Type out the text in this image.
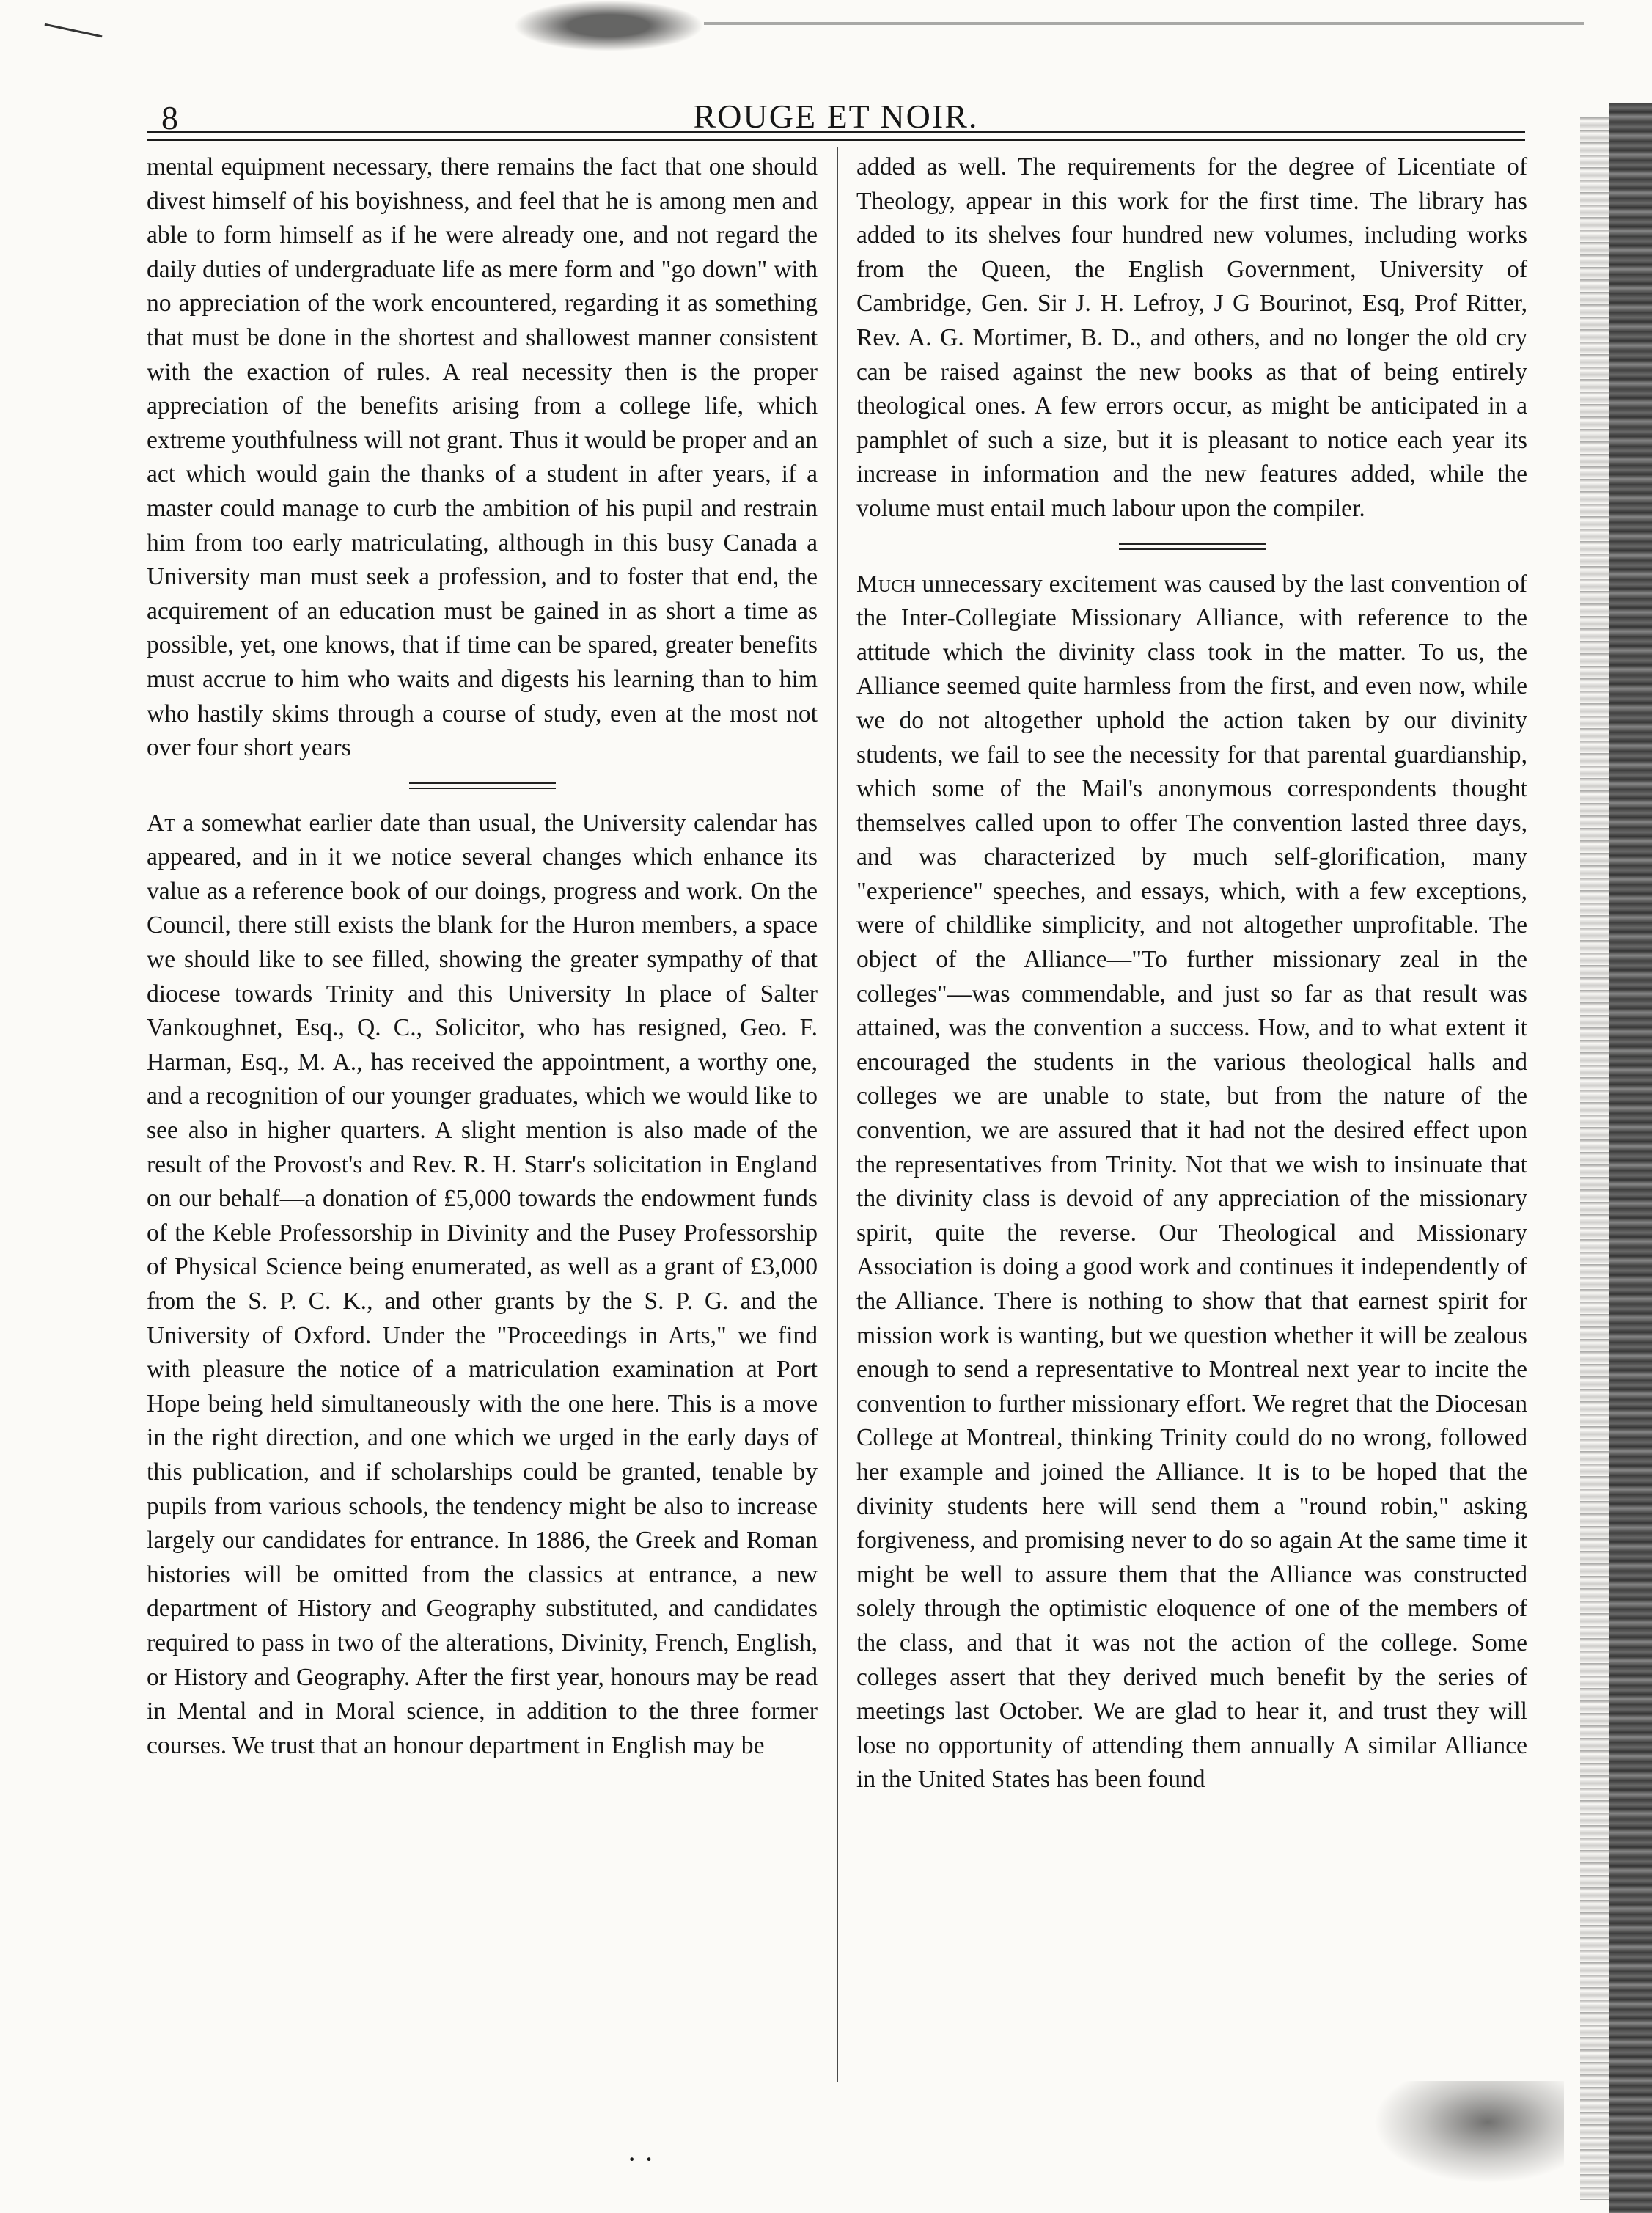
8	ROUGE ET NOIR.

mental equipment necessary, there remains the fact that one should divest himself of his boyishness, and feel that he is among men and able to form himself as if he were already one, and not regard the daily duties of undergraduate life as mere form and "go down" with no appreciation of the work encountered, regarding it as something that must be done in the shortest and shallowest manner consistent with the exaction of rules. A real necessity then is the proper appreciation of the benefits arising from a college life, which extreme youthfulness will not grant. Thus it would be proper and an act which would gain the thanks of a student in after years, if a master could manage to curb the ambition of his pupil and restrain him from too early matriculating, although in this busy Canada a University man must seek a profession, and to foster that end, the acquirement of an education must be gained in as short a time as possible, yet, one knows, that if time can be spared, greater benefits must accrue to him who waits and digests his learning than to him who hastily skims through a course of study, even at the most not over four short years

At a somewhat earlier date than usual, the University calendar has appeared, and in it we notice several changes which enhance its value as a reference book of our doings, progress and work. On the Council, there still exists the blank for the Huron members, a space we should like to see filled, showing the greater sympathy of that diocese towards Trinity and this University In place of Salter Vankoughnet, Esq., Q. C., Solicitor, who has resigned, Geo. F. Harman, Esq., M. A., has received the appointment, a worthy one, and a recognition of our younger graduates, which we would like to see also in higher quarters. A slight mention is also made of the result of the Provost's and Rev. R. H. Starr's solicitation in England on our behalf—a donation of £5,000 towards the endowment funds of the Keble Professorship in Divinity and the Pusey Professorship of Physical Science being enumerated, as well as a grant of £3,000 from the S. P. C. K., and other grants by the S. P. G. and the University of Oxford. Under the "Proceedings in Arts," we find with pleasure the notice of a matriculation examination at Port Hope being held simultaneously with the one here. This is a move in the right direction, and one which we urged in the early days of this publication, and if scholarships could be granted, tenable by pupils from various schools, the tendency might be also to increase largely our candidates for entrance. In 1886, the Greek and Roman histories will be omitted from the classics at entrance, a new department of History and Geography substituted, and candidates required to pass in two of the alterations, Divinity, French, English, or History and Geography. After the first year, honours may be read in Mental and in Moral science, in addition to the three former courses. We trust that an honour department in English may be

added as well. The requirements for the degree of Licentiate of Theology, appear in this work for the first time. The library has added to its shelves four hundred new volumes, including works from the Queen, the English Government, University of Cambridge, Gen. Sir J. H. Lefroy, J G Bourinot, Esq, Prof Ritter, Rev. A. G. Mortimer, B. D., and others, and no longer the old cry can be raised against the new books as that of being entirely theological ones. A few errors occur, as might be anticipated in a pamphlet of such a size, but it is pleasant to notice each year its increase in information and the new features added, while the volume must entail much labour upon the compiler.

Much unnecessary excitement was caused by the last convention of the Inter-Collegiate Missionary Alliance, with reference to the attitude which the divinity class took in the matter. To us, the Alliance seemed quite harmless from the first, and even now, while we do not altogether uphold the action taken by our divinity students, we fail to see the necessity for that parental guardianship, which some of the Mail's anonymous correspondents thought themselves called upon to offer The convention lasted three days, and was characterized by much self-glorification, many "experience" speeches, and essays, which, with a few exceptions, were of childlike simplicity, and not altogether unprofitable. The object of the Alliance—"To further missionary zeal in the colleges"—was commendable, and just so far as that result was attained, was the convention a success. How, and to what extent it encouraged the students in the various theological halls and colleges we are unable to state, but from the nature of the convention, we are assured that it had not the desired effect upon the representatives from Trinity. Not that we wish to insinuate that the divinity class is devoid of any appreciation of the missionary spirit, quite the reverse. Our Theological and Missionary Association is doing a good work and continues it independently of the Alliance. There is nothing to show that that earnest spirit for mission work is wanting, but we question whether it will be zealous enough to send a representative to Montreal next year to incite the convention to further missionary effort. We regret that the Diocesan College at Montreal, thinking Trinity could do no wrong, followed her example and joined the Alliance. It is to be hoped that the divinity students here will send them a "round robin," asking forgiveness, and promising never to do so again At the same time it might be well to assure them that the Alliance was constructed solely through the optimistic eloquence of one of the members of the class, and that it was not the action of the college. Some colleges assert that they derived much benefit by the series of meetings last October. We are glad to hear it, and trust they will lose no opportunity of attending them annually A similar Alliance in the United States has been found

· ·
